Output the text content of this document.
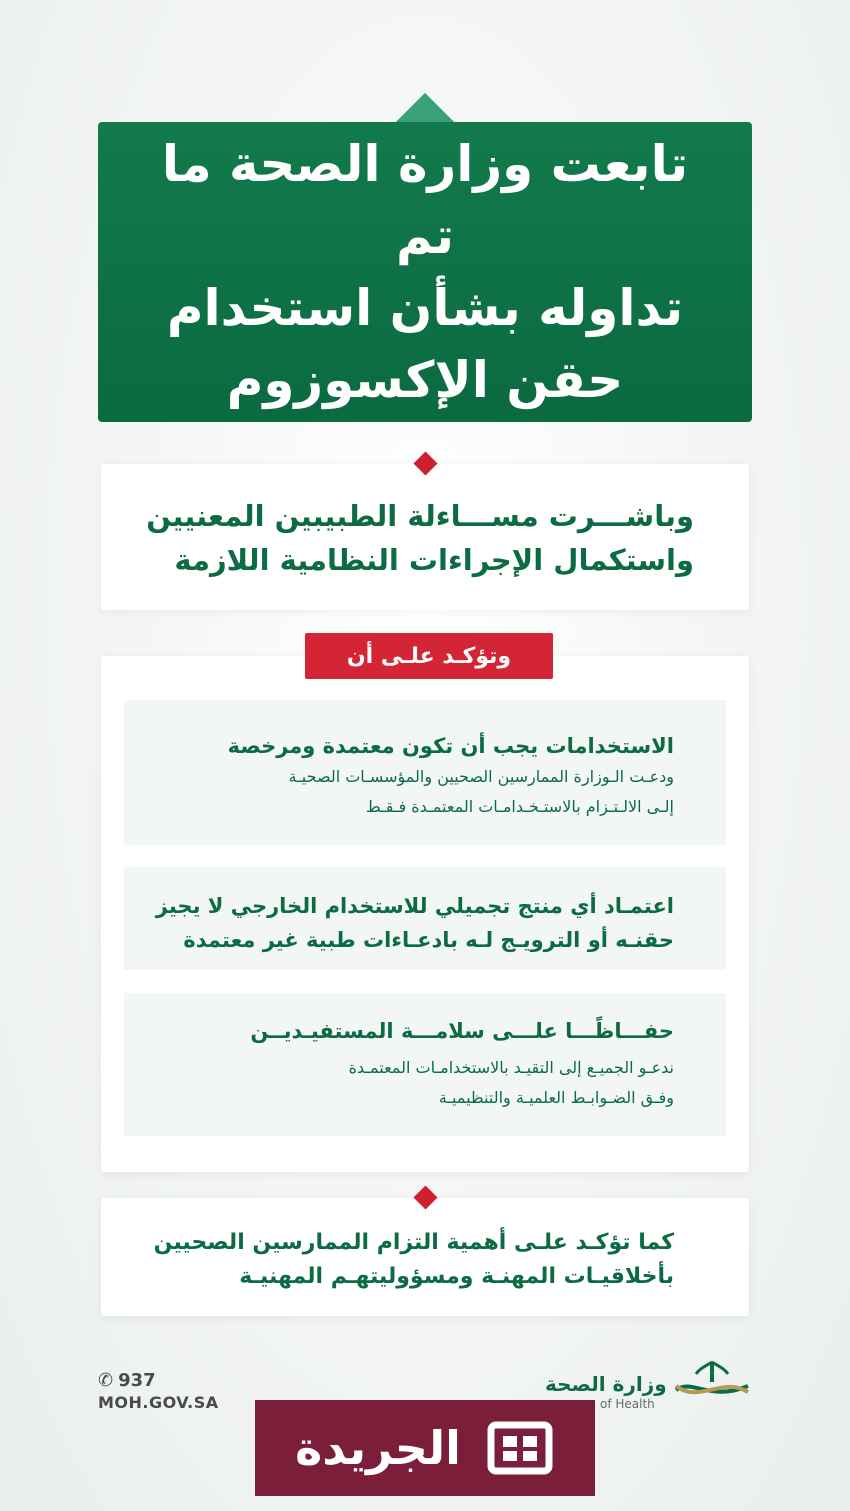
تابعت وزارة الصحة ما تم
تداوله بشأن استخدام
حقن الإكسوزوم
وباشـــرت مســـاءلة الطبيبين المعنيين
واستكمال الإجراءات النظامية اللازمة
وتؤكـد علـى أن
الاستخدامات يجب أن تكون معتمدة ومرخصة
ودعـت الـوزارة الممارسين الصحيين والمؤسسـات الصحيـة
إلـى الالـتـزام بالاستـخـدامـات المعتمـدة فـقـط
اعتمـاد أي منتج تجميلي للاستخدام الخارجي لا يجيز
حقنـه أو الترويـج لـه بادعـاءات طبية غير معتمدة
حفـــاظًـــا علـــى سلامـــة المستفيـديــن
ندعـو الجميـع إلى التقيـد بالاستخدامـات المعتمـدة
وفـق الضـوابـط العلميـة والتنظيميـة
كما تؤكـد علـى أهمية التزام الممارسين الصحيين
بأخلاقيـات المهنـة ومسؤوليتهـم المهنيـة
✆ 937
MOH.GOV.SA
وزارة الصحة
of Health
الجريدة
